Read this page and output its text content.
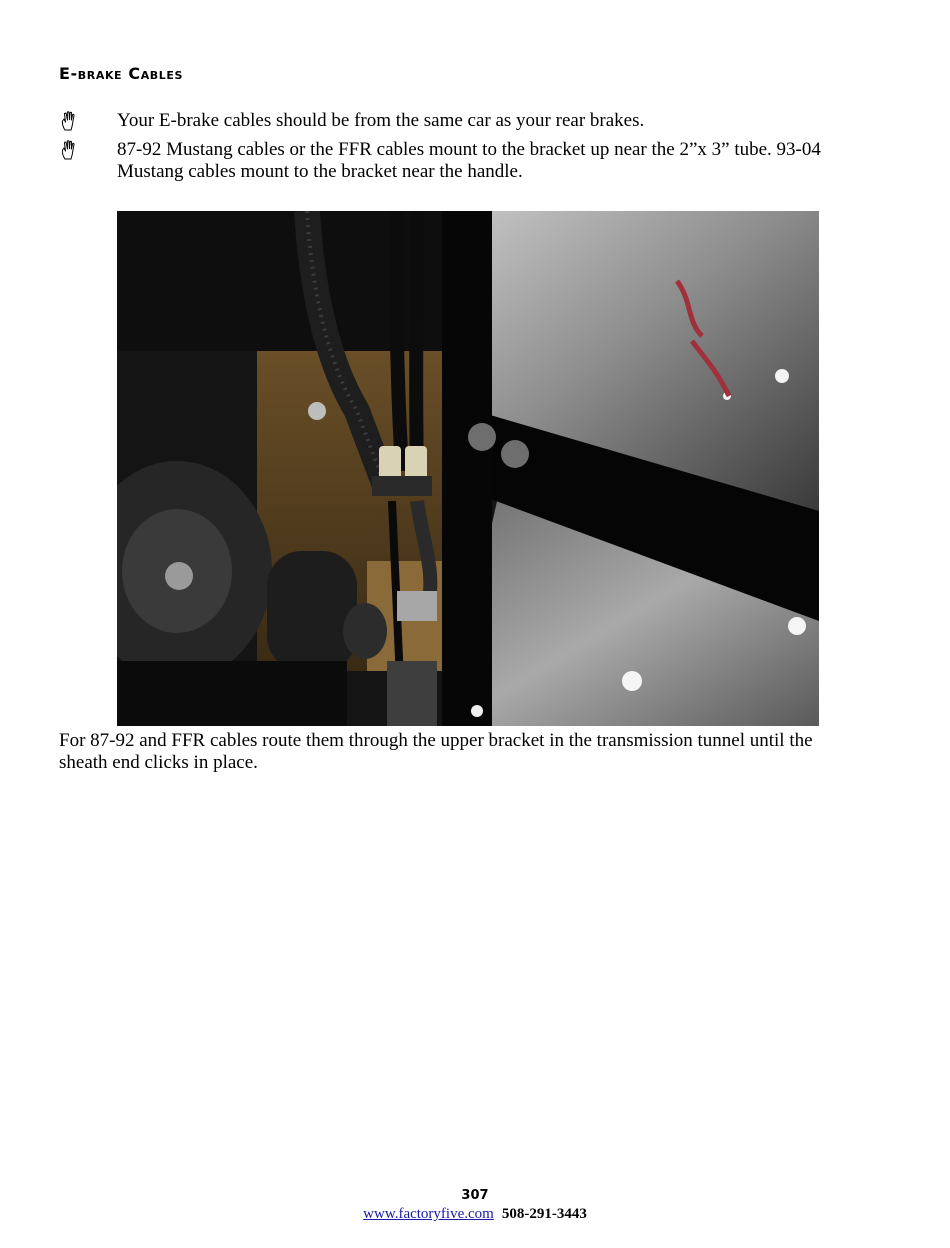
E-brake Cables
Your E-brake cables should be from the same car as your rear brakes.
87-92 Mustang cables or the FFR cables mount to the bracket up near the 2”x 3” tube. 93-04 Mustang cables mount to the bracket near the handle.

For 87-92 and FFR cables route them through the upper bracket in the transmission tunnel until the sheath end clicks in place.

307
www.factoryfive.com 508-291-3443
